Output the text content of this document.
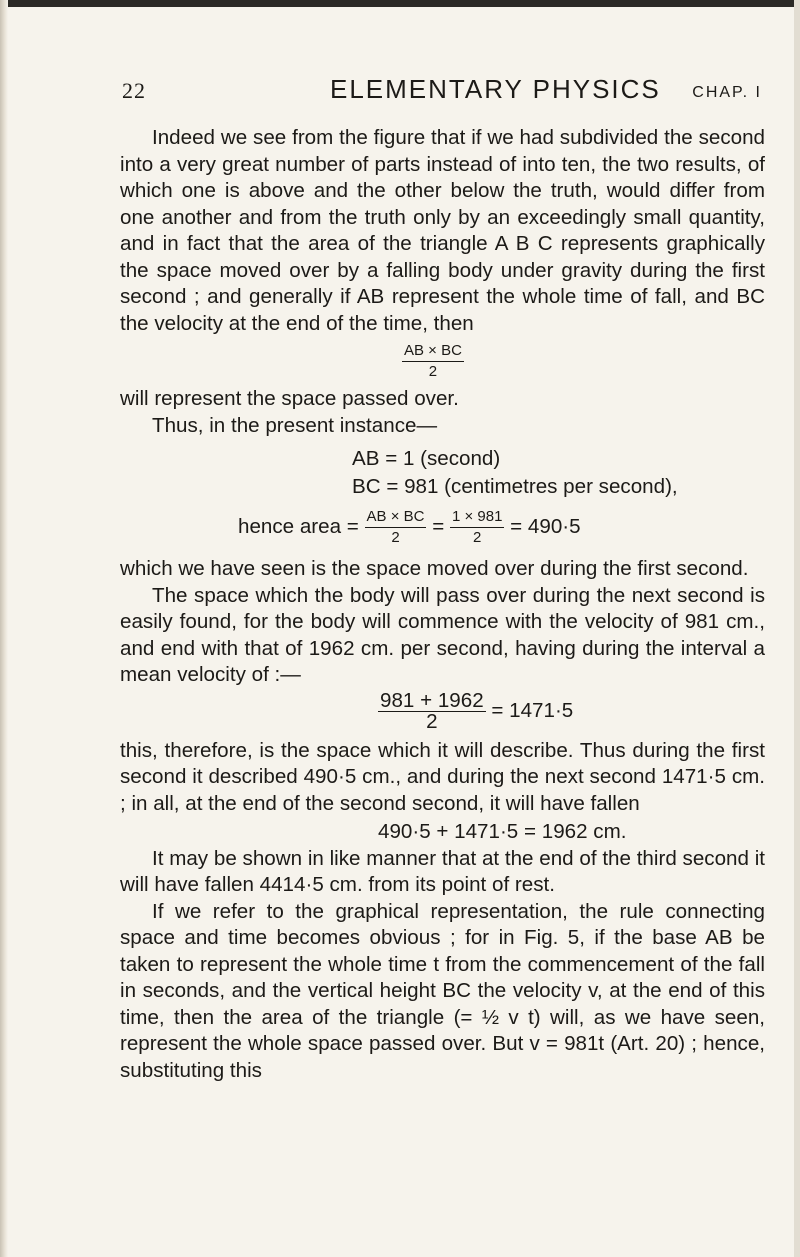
22	ELEMENTARY PHYSICS CHAP. I

Indeed we see from the figure that if we had subdivided the second into a very great number of parts instead of into ten, the two results, of which one is above and the other below the truth, would differ from one another and from the truth only by an exceedingly small quantity, and in fact that the area of the triangle A B C represents graphically the space moved over by a falling body under gravity during the first second ; and generally if AB represent the whole time of fall, and BC the velocity at the end of the time, then

$\frac{AB \times BC}{2}$

will represent the space passed over.

Thus, in the present instance—

AB = 1 (second)
BC = 981 (centimetres per second),
hence area = $\frac{AB \times BC}{2} = \frac{1 \times 981}{2} = 490\cdot 5$

which we have seen is the space moved over during the first second.

The space which the body will pass over during the next second is easily found, for the body will commence with the velocity of 981 cm., and end with that of 1962 cm. per second, having during the interval a mean velocity of :—

$\frac{981 + 1962}{2} = 1471\cdot 5$

this, therefore, is the space which it will describe. Thus during the first second it described 490·5 cm., and during the next second 1471·5 cm. ; in all, at the end of the second second, it will have fallen

490·5 + 1471·5 = 1962 cm.

It may be shown in like manner that at the end of the third second it will have fallen 4414·5 cm. from its point of rest.

If we refer to the graphical representation, the rule connecting space and time becomes obvious ; for in Fig. 5, if the base AB be taken to represent the whole time t from the commencement of the fall in seconds, and the vertical height BC the velocity v, at the end of this time, then the area of the triangle (= ½ v t) will, as we have seen, represent the whole space passed over. But v = 981t (Art. 20) ; hence, substituting this
